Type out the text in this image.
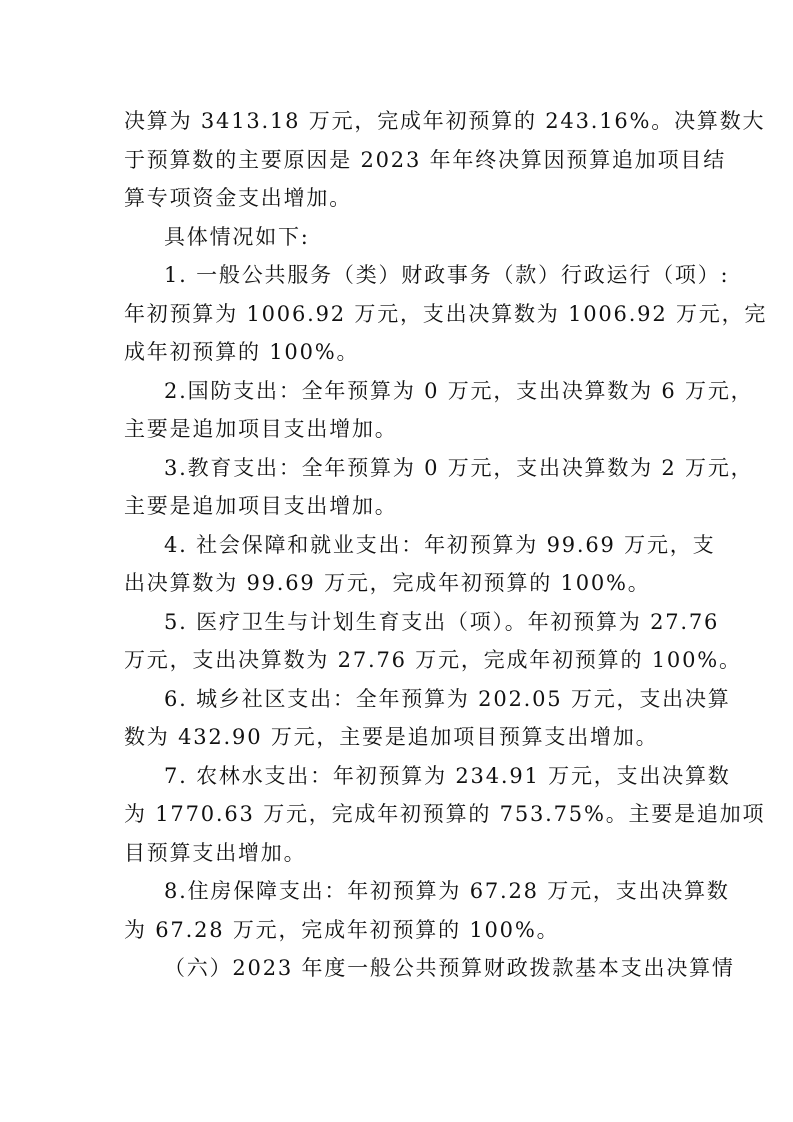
决算为 3413.18 万元，完成年初预算的 243.16%。决算数大
于预算数的主要原因是 2023 年年终决算因预算追加项目结
算专项资金支出增加。
具体情况如下:
1. 一般公共服务（类）财政事务（款）行政运行（项）:
年初预算为 1006.92 万元，支出决算数为 1006.92 万元，完
成年初预算的 100%。
2.国防支出：全年预算为 0 万元，支出决算数为 6 万元，
主要是追加项目支出增加。
3.教育支出：全年预算为 0 万元，支出决算数为 2 万元，
主要是追加项目支出增加。
4. 社会保障和就业支出：年初预算为 99.69 万元，支
出决算数为 99.69 万元，完成年初预算的 100%。
5. 医疗卫生与计划生育支出（项）。年初预算为 27.76
万元，支出决算数为 27.76 万元，完成年初预算的 100%。
6. 城乡社区支出：全年预算为 202.05 万元，支出决算
数为 432.90 万元，主要是追加项目预算支出增加。
7. 农林水支出：年初预算为 234.91 万元，支出决算数
为 1770.63 万元，完成年初预算的 753.75%。主要是追加项
目预算支出增加。
8.住房保障支出：年初预算为 67.28 万元，支出决算数
为 67.28 万元，完成年初预算的 100%。
（六）2023 年度一般公共预算财政拨款基本支出决算情
